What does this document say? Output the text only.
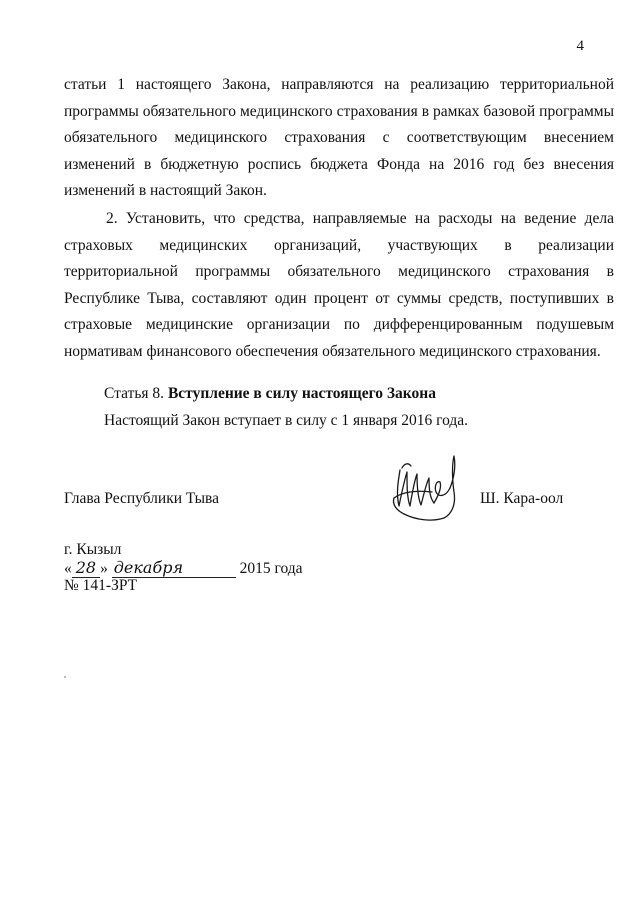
4
статьи 1 настоящего Закона, направляются на реализацию территориальной программы обязательного медицинского страхования в рамках базовой программы обязательного медицинского страхования с соответствующим внесением изменений в бюджетную роспись бюджета Фонда на 2016 год без внесения изменений в настоящий Закон.
2. Установить, что средства, направляемые на расходы на ведение дела страховых медицинских организаций, участвующих в реализации территориальной программы обязательного медицинского страхования в Республике Тыва, составляют один процент от суммы средств, поступивших в страховые медицинские организации по дифференцированным подушевым нормативам финансового обеспечения обязательного медицинского страхования.
Статья 8. Вступление в силу настоящего Закона
Настоящий Закон вступает в силу с 1 января 2016 года.
Глава Республики Тыва	Ш. Кара-оол
г. Кызыл
« 28 » декабря	2015 года
№ 141-ЗРТ
